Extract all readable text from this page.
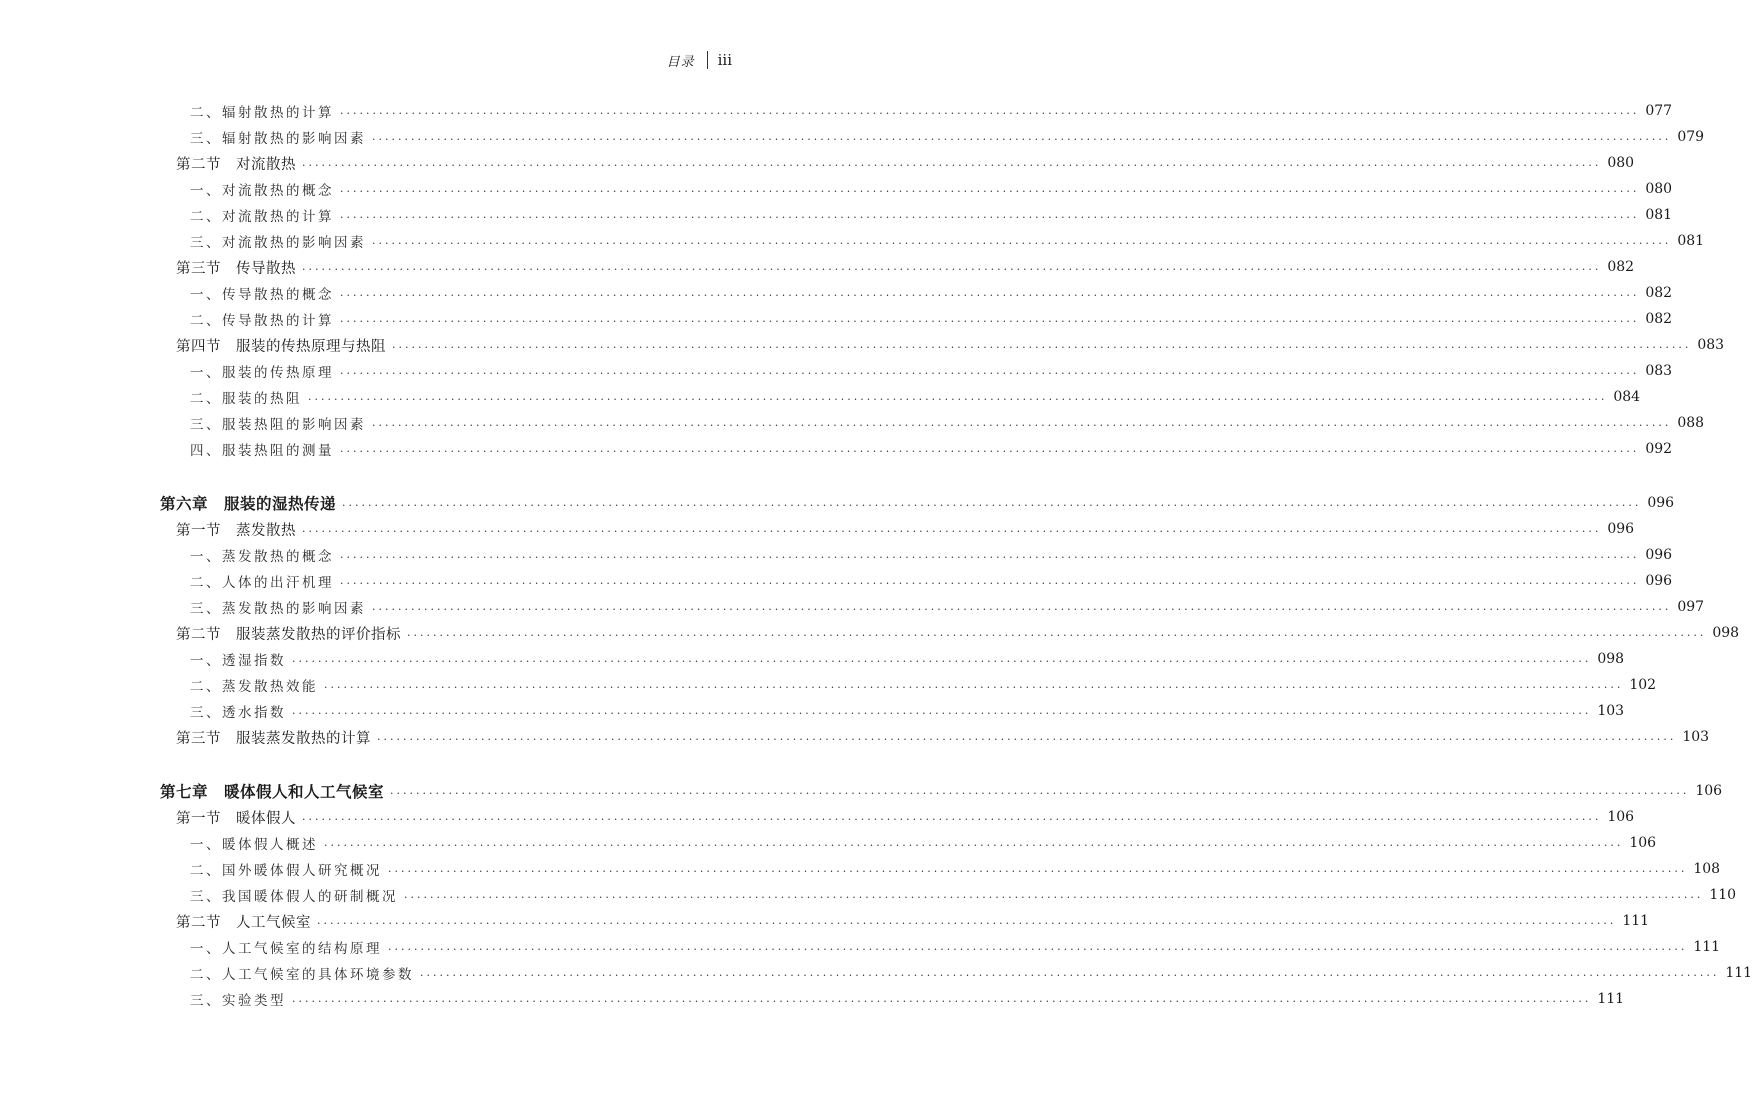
目录 iii
二、辐射散热的计算 ········································································································································································································ 077
三、辐射散热的影响因素 ········································································································································································································ 079
第二节　对流散热 ········································································································································································································ 080
一、对流散热的概念 ········································································································································································································ 080
二、对流散热的计算 ········································································································································································································ 081
三、对流散热的影响因素 ········································································································································································································ 081
第三节　传导散热 ········································································································································································································ 082
一、传导散热的概念 ········································································································································································································ 082
二、传导散热的计算 ········································································································································································································ 082
第四节　服装的传热原理与热阻 ········································································································································································································ 083
一、服装的传热原理 ········································································································································································································ 083
二、服装的热阻 ········································································································································································································ 084
三、服装热阻的影响因素 ········································································································································································································ 088
四、服装热阻的测量 ········································································································································································································ 092
第六章　服装的湿热传递 ········································································································································································································ 096
第一节　蒸发散热 ········································································································································································································ 096
一、蒸发散热的概念 ········································································································································································································ 096
二、人体的出汗机理 ········································································································································································································ 096
三、蒸发散热的影响因素 ········································································································································································································ 097
第二节　服装蒸发散热的评价指标 ········································································································································································································ 098
一、透湿指数 ········································································································································································································ 098
二、蒸发散热效能 ········································································································································································································ 102
三、透水指数 ········································································································································································································ 103
第三节　服装蒸发散热的计算 ········································································································································································································ 103
第七章　暖体假人和人工气候室 ········································································································································································································ 106
第一节　暖体假人 ········································································································································································································ 106
一、暖体假人概述 ········································································································································································································ 106
二、国外暖体假人研究概况 ········································································································································································································ 108
三、我国暖体假人的研制概况 ········································································································································································································ 110
第二节　人工气候室 ········································································································································································································ 111
一、人工气候室的结构原理 ········································································································································································································ 111
二、人工气候室的具体环境参数 ········································································································································································································ 111
三、实验类型 ········································································································································································································ 111
